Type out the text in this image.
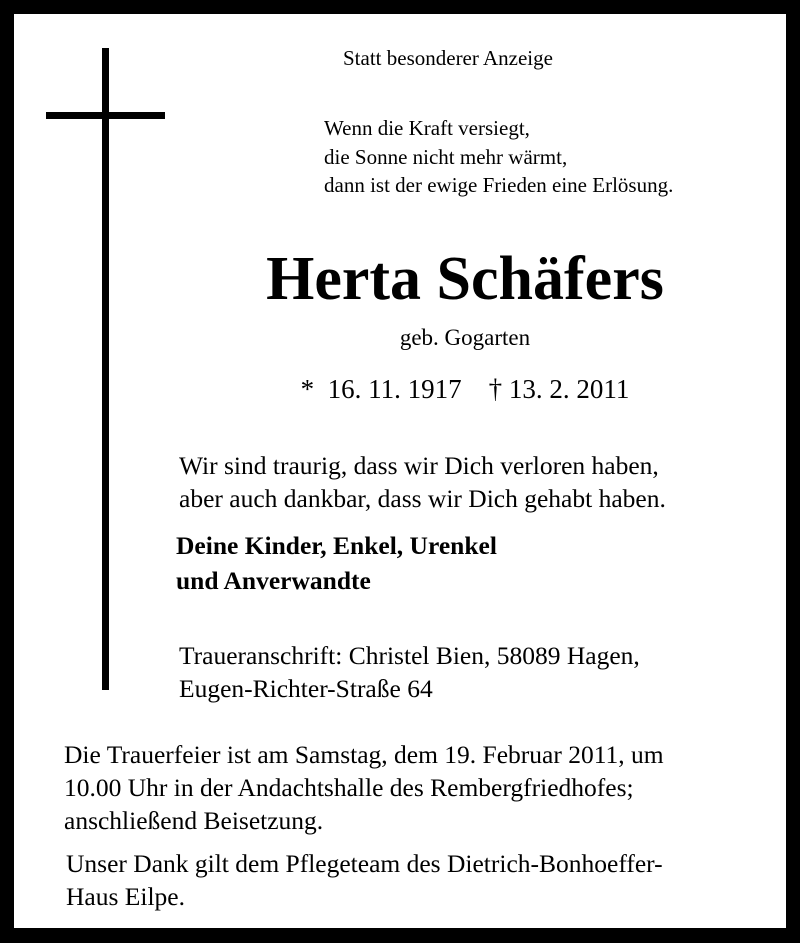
Statt besonderer Anzeige
Wenn die Kraft versiegt,
die Sonne nicht mehr wärmt,
dann ist der ewige Frieden eine Erlösung.
Herta Schäfers
geb. Gogarten
*  16. 11. 1917    † 13. 2. 2011
Wir sind traurig, dass wir Dich verloren haben,
aber auch dankbar, dass wir Dich gehabt haben.
Deine Kinder, Enkel, Urenkel
und Anverwandte
Traueranschrift: Christel Bien, 58089 Hagen,
Eugen-Richter-Straße 64
Die Trauerfeier ist am Samstag, dem 19. Februar 2011, um
10.00 Uhr in der Andachtshalle des Rembergfriedhofes;
anschließend Beisetzung.
Unser Dank gilt dem Pflegeteam des Dietrich-Bonhoeffer-
Haus Eilpe.
